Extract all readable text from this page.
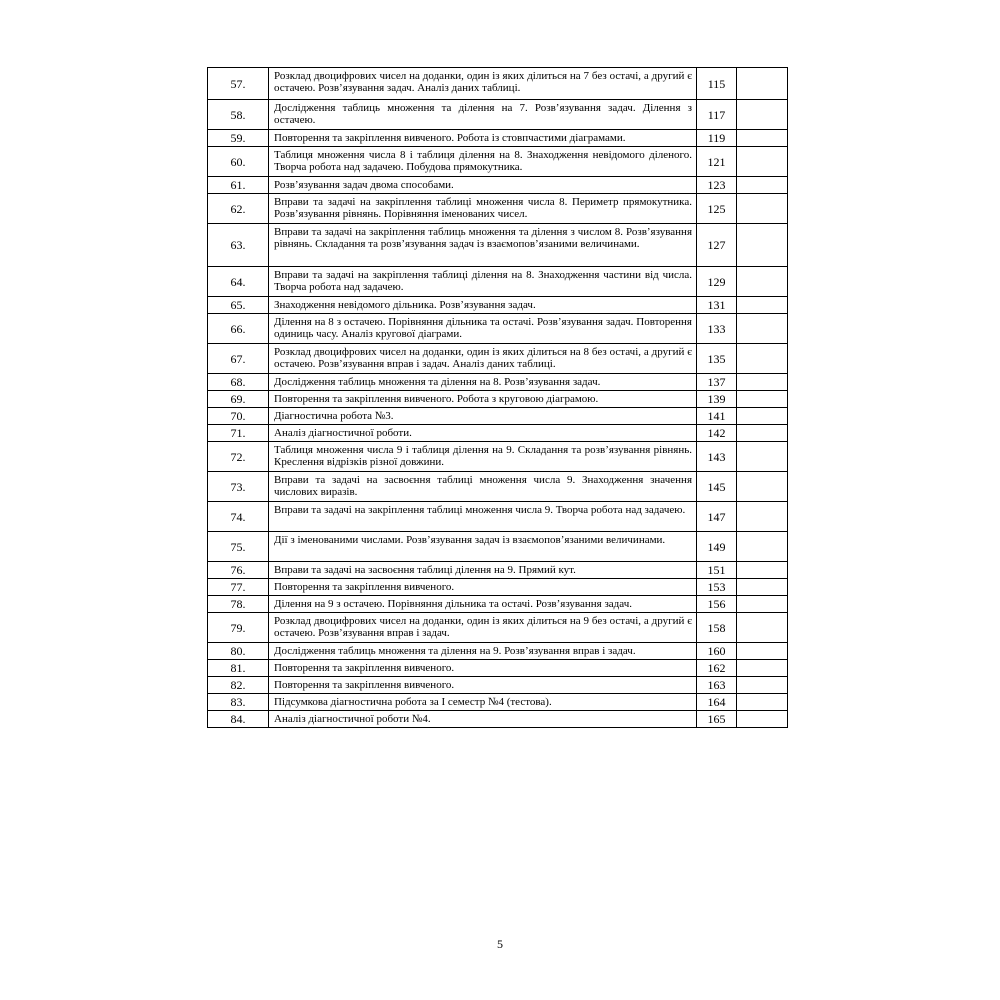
57.	Розклад двоцифрових чисел на доданки, один із яких ділиться на 7 без остачі, а другий є остачею. Розв’язування задач. Аналіз даних таблиці.	115	
58.	Дослідження таблиць множення та ділення на 7. Розв’язування задач. Ділення з остачею.	117	
59.	Повторення та закріплення вивченого. Робота із стовпчастими діаграмами.	119	
60.	Таблиця множення числа 8 і таблиця ділення на 8. Знаходження невідомого діленого. Творча робота над задачею. Побудова прямокутника.	121	
61.	Розв’язування задач двома способами.	123	
62.	Вправи та задачі на закріплення таблиці множення числа 8. Периметр прямокутника. Розв’язування рівнянь. Порівняння іменованих чисел.	125	
63.	Вправи та задачі на закріплення таблиць множення та ділення з числом 8. Розв’язування рівнянь. Складання та розв’язування задач із взаємопов’язаними величинами.	127	
64.	Вправи та задачі на закріплення таблиці ділення на 8. Знаходження частини від числа. Творча робота над задачею.	129	
65.	Знаходження невідомого дільника. Розв’язування задач.	131	
66.	Ділення на 8 з остачею. Порівняння дільника та остачі. Розв’язування задач. Повторення одиниць часу. Аналіз кругової діаграми.	133	
67.	Розклад двоцифрових чисел на доданки, один із яких ділиться на 8 без остачі, а другий є остачею. Розв’язування вправ і задач. Аналіз даних таблиці.	135	
68.	Дослідження таблиць множення та ділення на 8. Розв’язування задач.	137	
69.	Повторення та закріплення вивченого. Робота з круговою діаграмою.	139	
70.	Діагностична робота №3.	141	
71.	Аналіз діагностичної роботи.	142	
72.	Таблиця множення числа 9 і таблиця ділення на 9. Складання та розв’язування рівнянь. Креслення відрізків різної довжини.	143	
73.	Вправи та задачі на засвоєння таблиці множення числа 9. Знаходження значення числових виразів.	145	
74.	Вправи та задачі на закріплення таблиці множення числа 9. Творча робота над задачею.	147	
75.	Дії з іменованими числами. Розв’язування задач із взаємопов’язаними величинами.	149	
76.	Вправи та задачі на засвоєння таблиці ділення на 9. Прямий кут.	151	
77.	Повторення та закріплення вивченого.	153	
78.	Ділення на 9 з остачею. Порівняння дільника та остачі. Розв’язування задач.	156	
79.	Розклад двоцифрових чисел на доданки, один із яких ділиться на 9 без остачі, а другий є остачею. Розв’язування вправ і задач.	158	
80.	Дослідження таблиць множення та ділення на 9. Розв’язування вправ і задач.	160	
81.	Повторення та закріплення вивченого.	162	
82.	Повторення та закріплення вивченого.	163	
83.	Підсумкова діагностична робота за І семестр №4 (тестова).	164	
84.	Аналіз діагностичної роботи №4.	165	
5
